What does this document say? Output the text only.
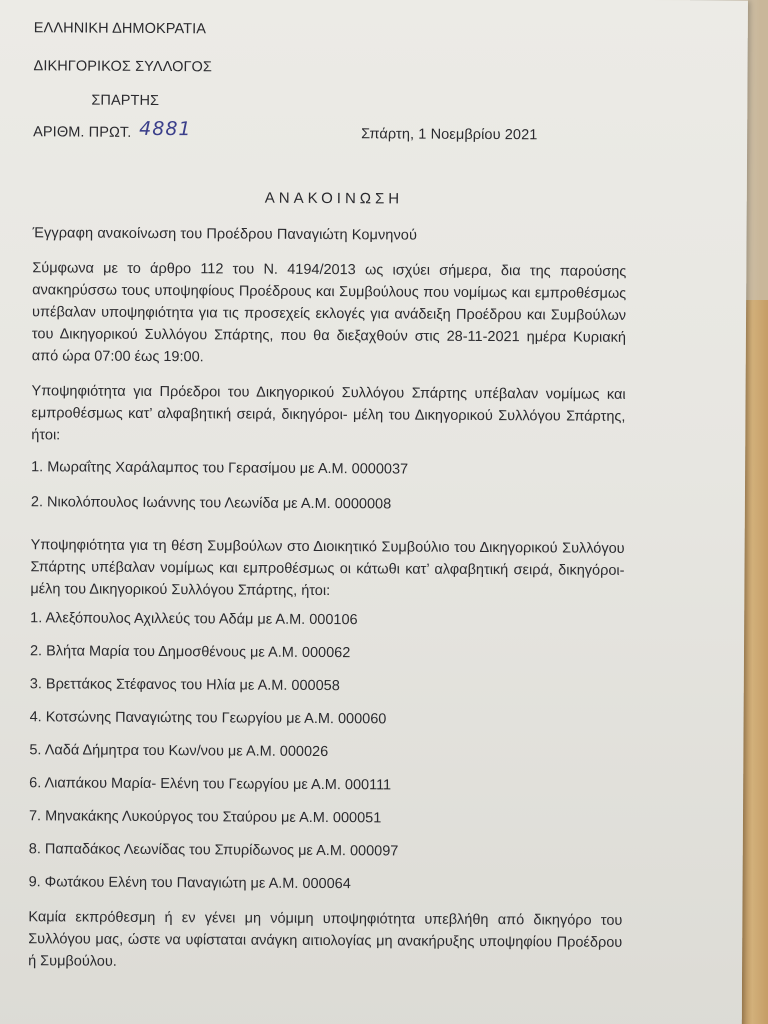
ΕΛΛΗΝΙΚΗ ΔΗΜΟΚΡΑΤΙΑ
ΔΙΚΗΓΟΡΙΚΟΣ ΣΥΛΛΟΓΟΣ
ΣΠΑΡΤΗΣ
ΑΡΙΘΜ. ΠΡΩΤ. 4881	Σπάρτη, 1 Νοεμβρίου 2021
ΑΝΑΚΟΙΝΩΣΗ
Έγγραφη ανακοίνωση του Προέδρου Παναγιώτη Κομνηνού
Σύμφωνα με το άρθρο 112 του Ν. 4194/2013 ως ισχύει σήμερα, δια της παρούσης ανακηρύσσω τους υποψηφίους Προέδρους και Συμβούλους που νομίμως και εμπροθέσμως υπέβαλαν υποψηφιότητα για τις προσεχείς εκλογές για ανάδειξη Προέδρου και Συμβούλων του Δικηγορικού Συλλόγου Σπάρτης, που θα διεξαχθούν στις 28-11-2021 ημέρα Κυριακή από ώρα 07:00 έως 19:00.
Υποψηφιότητα για Πρόεδροι του Δικηγορικού Συλλόγου Σπάρτης υπέβαλαν νομίμως και εμπροθέσμως κατ’ αλφαβητική σειρά, δικηγόροι- μέλη του Δικηγορικού Συλλόγου Σπάρτης, ήτοι:
1. Μωραΐτης Χαράλαμπος του Γερασίμου με Α.Μ. 0000037
2. Νικολόπουλος Ιωάννης του Λεωνίδα με Α.Μ. 0000008
Υποψηφιότητα για τη θέση Συμβούλων στο Διοικητικό Συμβούλιο του Δικηγορικού Συλλόγου Σπάρτης υπέβαλαν νομίμως και εμπροθέσμως οι κάτωθι κατ’ αλφαβητική σειρά, δικηγόροι- μέλη του Δικηγορικού Συλλόγου Σπάρτης, ήτοι:
1. Αλεξόπουλος Αχιλλεύς του Αδάμ με Α.Μ. 000106
2. Βλήτα Μαρία του Δημοσθένους με Α.Μ. 000062
3. Βρεττάκος Στέφανος του Ηλία με Α.Μ. 000058
4. Κοτσώνης Παναγιώτης του Γεωργίου με Α.Μ. 000060
5. Λαδά Δήμητρα του Κων/νου με Α.Μ. 000026
6. Λιαπάκου Μαρία- Ελένη του Γεωργίου με Α.Μ. 000111
7. Μηνακάκης Λυκούργος του Σταύρου με Α.Μ. 000051
8. Παπαδάκος Λεωνίδας του Σπυρίδωνος με Α.Μ. 000097
9. Φωτάκου Ελένη του Παναγιώτη με Α.Μ. 000064
Καμία εκπρόθεσμη ή εν γένει μη νόμιμη υποψηφιότητα υπεβλήθη από δικηγόρο του Συλλόγου μας, ώστε να υφίσταται ανάγκη αιτιολογίας μη ανακήρυξης υποψηφίου Προέδρου ή Συμβούλου.
